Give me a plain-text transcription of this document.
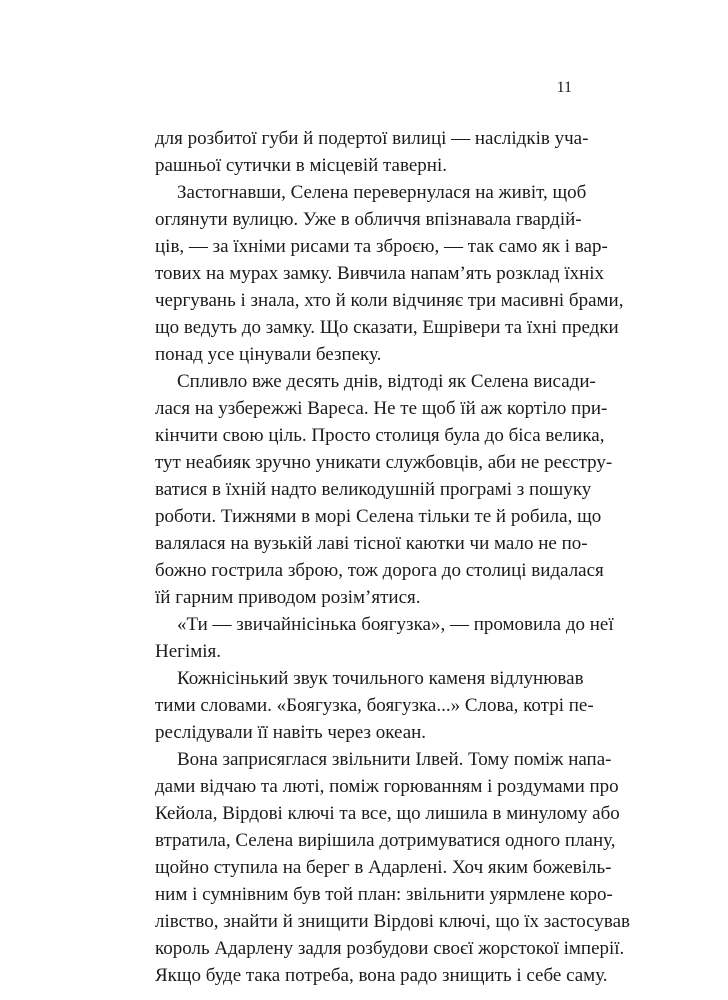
11
для розбитої губи й подертої вилиці — наслідків уча-
рашньої сутички в місцевій таверні.
Застогнавши, Селена перевернулася на живіт, щоб
оглянути вулицю. Уже в обличчя впізнавала гвардій-
ців, — за їхніми рисами та зброєю, — так само як і вар-
тових на мурах замку. Вивчила напам’ять розклад їхніх
чергувань і знала, хто й коли відчиняє три масивні брами,
що ведуть до замку. Що сказати, Ешрівери та їхні предки
понад усе цінували безпеку.
Спливло вже десять днів, відтоді як Селена висади-
лася на узбережжі Вареса. Не те щоб їй аж кортіло при-
кінчити свою ціль. Просто столиця була до біса велика,
тут неабияк зручно уникати службовців, аби не реєстру-
ватися в їхній надто великодушній програмі з пошуку
роботи. Тижнями в морі Селена тільки те й робила, що
валялася на вузькій лаві тісної каютки чи мало не по-
божно гострила зброю, тож дорога до столиці видалася
їй гарним приводом розім’ятися.
«Ти — звичайнісінька боягузка», — промовила до неї
Негімія.
Кожнісінький звук точильного каменя відлунював
тими словами. «Боягузка, боягузка...» Слова, котрі пе-
реслідували її навіть через океан.
Вона заприсяглася звільнити Ілвей. Тому поміж напа-
дами відчаю та люті, поміж горюванням і роздумами про
Кейола, Вірдові ключі та все, що лишила в минулому або
втратила, Селена вирішила дотримуватися одного плану,
щойно ступила на берег в Адарлені. Хоч яким божевіль-
ним і сумнівним був той план: звільнити уярмлене коро-
лівство, знайти й знищити Вірдові ключі, що їх застосував
король Адарлену задля розбудови своєї жорстокої імперії.
Якщо буде така потреба, вона радо знищить і себе саму.
